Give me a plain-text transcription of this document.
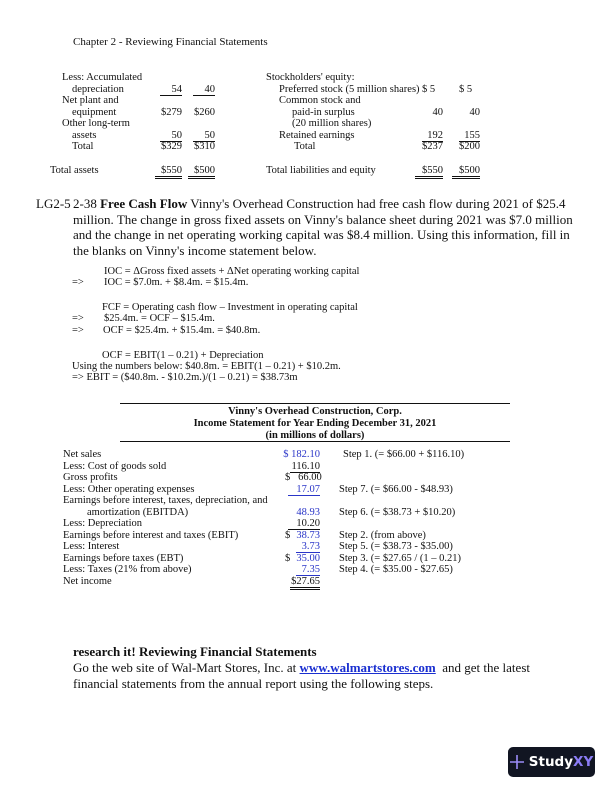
Chapter 2 - Reviewing Financial Statements
Less: Accumulated
depreciation	54	40
Net plant and
equipment	$279	$260
Other long-term
assets	50	50
Total	$329	$310
Total assets	$550	$500
Stockholders' equity:
Preferred stock (5 million shares) $ 5 $ 5
Common stock and
paid-in surplus	40	40
(20 million shares)
Retained earnings	192	155
Total	$237	$200
Total liabilities and equity	$550	$500
LG2-5 2-38 Free Cash Flow Vinny's Overhead Construction had free cash flow during 2021 of $25.4
million. The change in gross fixed assets on Vinny's balance sheet during 2021 was $7.0 million
and the change in net operating working capital was $8.4 million. Using this information, fill in
the blanks on Vinny's income statement below.
IOC = ΔGross fixed assets + ΔNet operating working capital
=> IOC = $7.0m. + $8.4m. = $15.4m.
FCF = Operating cash flow – Investment in operating capital
=> $25.4m. = OCF – $15.4m.
=> OCF = $25.4m. + $15.4m. = $40.8m.
OCF = EBIT(1 – 0.21) + Depreciation
Using the numbers below: $40.8m. = EBIT(1 – 0.21) + $10.2m.
=> EBIT = ($40.8m. - $10.2m.)/(1 – 0.21) = $38.73m
Vinny's Overhead Construction, Corp.
Income Statement for Year Ending December 31, 2021
(in millions of dollars)
Net sales	$ 182.10 Step 1. (= $66.00 + $116.10)
Less: Cost of goods sold	116.10
Gross profits	$   66.00
Less: Other operating expenses	17.07 Step 7. (= $66.00 - $48.93)
Earnings before interest, taxes, depreciation, and
amortization (EBITDA)	48.93 Step 6. (= $38.73 + $10.20)
Less: Depreciation	10.20
Earnings before interest and taxes (EBIT)	$ 38.73 Step 2. (from above)
Less: Interest	3.73 Step 5. (= $38.73 - $35.00)
Earnings before taxes (EBT)	$ 35.00 Step 3. (= $27.65 / (1 – 0.21)
Less: Taxes (21% from above)	7.35 Step 4. (= $35.00 - $27.65)
Net income	$27.65
research it! Reviewing Financial Statements
Go the web site of Wal-Mart Stores, Inc. at www.walmartstores.com  and get the latest
financial statements from the annual report using the following steps.
StudyXY
